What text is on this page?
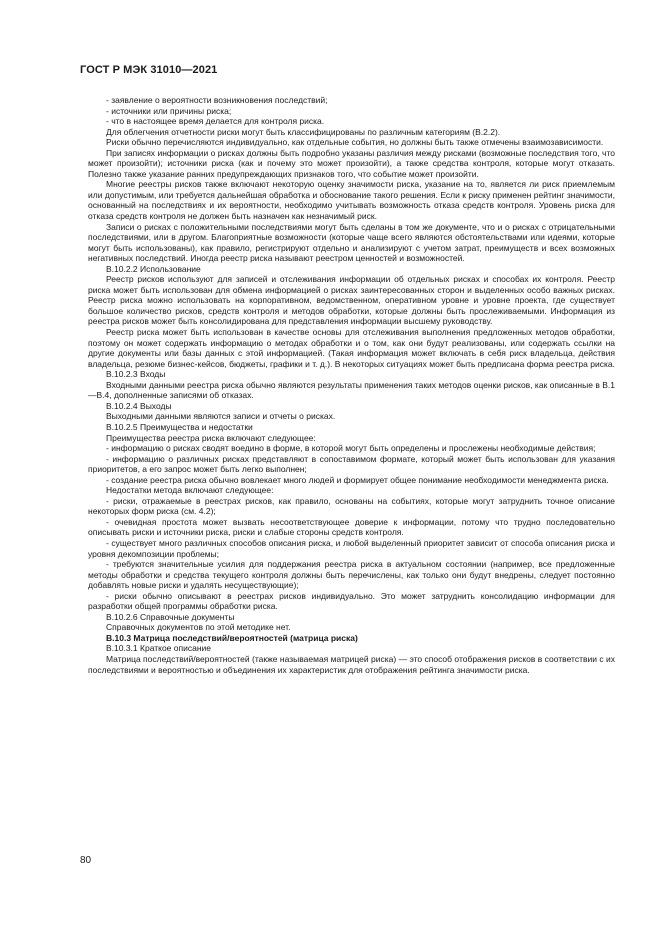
ГОСТ Р МЭК 31010—2021

- заявление о вероятности возникновения последствий;

- источники или причины риска;

- что в настоящее время делается для контроля риска.

Для облегчения отчетности риски могут быть классифицированы по различным категориям (В.2.2).

Риски обычно перечисляются индивидуально, как отдельные события, но должны быть также отмечены взаимозависимости.

При записях информации о рисках должны быть подробно указаны различия между рисками (возможные последствия того, что может произойти); источники риска (как и почему это может произойти), а также средства контроля, которые могут отказать. Полезно также указание ранних предупреждающих признаков того, что событие может произойти.

Многие реестры рисков также включают некоторую оценку значимости риска, указание на то, является ли риск приемлемым или допустимым, или требуется дальнейшая обработка и обоснование такого решения. Если к риску применен рейтинг значимости, основанный на последствиях и их вероятности, необходимо учитывать возможность отказа средств контроля. Уровень риска для отказа средств контроля не должен быть назначен как незначимый риск.

Записи о рисках с положительными последствиями могут быть сделаны в том же документе, что и о рисках с отрицательными последствиями, или в другом. Благоприятные возможности (которые чаще всего являются обстоятельствами или идеями, которые могут быть использованы), как правило, регистрируют отдельно и анализируют с учетом затрат, преимуществ и всех возможных негативных последствий. Иногда реестр риска называют реестром ценностей и возможностей.

В.10.2.2 Использование

Реестр рисков используют для записей и отслеживания информации об отдельных рисках и способах их контроля. Реестр риска может быть использован для обмена информацией о рисках заинтересованных сторон и выделенных особо важных рисках. Реестр риска можно использовать на корпоративном, ведомственном, оперативном уровне и уровне проекта, где существует большое количество рисков, средств контроля и методов обработки, которые должны быть прослеживаемыми. Информация из реестра рисков может быть консолидирована для представления информации высшему руководству.

Реестр риска может быть использован в качестве основы для отслеживания выполнения предложенных методов обработки, поэтому он может содержать информацию о методах обработки и о том, как они будут реализованы, или содержать ссылки на другие документы или базы данных с этой информацией. (Такая информация может включать в себя риск владельца, действия владельца, резюме бизнес-кейсов, бюджеты, графики и т. д.). В некоторых ситуациях может быть предписана форма реестра риска.

В.10.2.3 Входы

Входными данными реестра риска обычно являются результаты применения таких методов оценки рисков, как описанные в В.1—В.4, дополненные записями об отказах.

В.10.2.4 Выходы

Выходными данными являются записи и отчеты о рисках.

В.10.2.5 Преимущества и недостатки

Преимущества реестра риска включают следующее:

- информацию о рисках сводят воедино в форме, в которой могут быть определены и прослежены необходимые действия;

- информацию о различных рисках представляют в сопоставимом формате, который может быть использован для указания приоритетов, а его запрос может быть легко выполнен;

- создание реестра риска обычно вовлекает много людей и формирует общее понимание необходимости менеджмента риска.

Недостатки метода включают следующее:

- риски, отражаемые в реестрах рисков, как правило, основаны на событиях, которые могут затруднить точное описание некоторых форм риска (см. 4.2);

- очевидная простота может вызвать несоответствующее доверие к информации, потому что трудно последовательно описывать риски и источники риска, риски и слабые стороны средств контроля.

- существует много различных способов описания риска, и любой выделенный приоритет зависит от способа описания риска и уровня декомпозиции проблемы;

- требуются значительные усилия для поддержания реестра риска в актуальном состоянии (например, все предложенные методы обработки и средства текущего контроля должны быть перечислены, как только они будут внедрены, следует постоянно добавлять новые риски и удалять несуществующие);

- риски обычно описывают в реестрах рисков индивидуально. Это может затруднить консолидацию информации для разработки общей программы обработки риска.

В.10.2.6 Справочные документы

Справочных документов по этой методике нет.

В.10.3 Матрица последствий/вероятностей (матрица риска)

В.10.3.1 Краткое описание

Матрица последствий/вероятностей (также называемая матрицей риска) — это способ отображения рисков в соответствии с их последствиями и вероятностью и объединения их характеристик для отображения рейтинга значимости риска.

80
